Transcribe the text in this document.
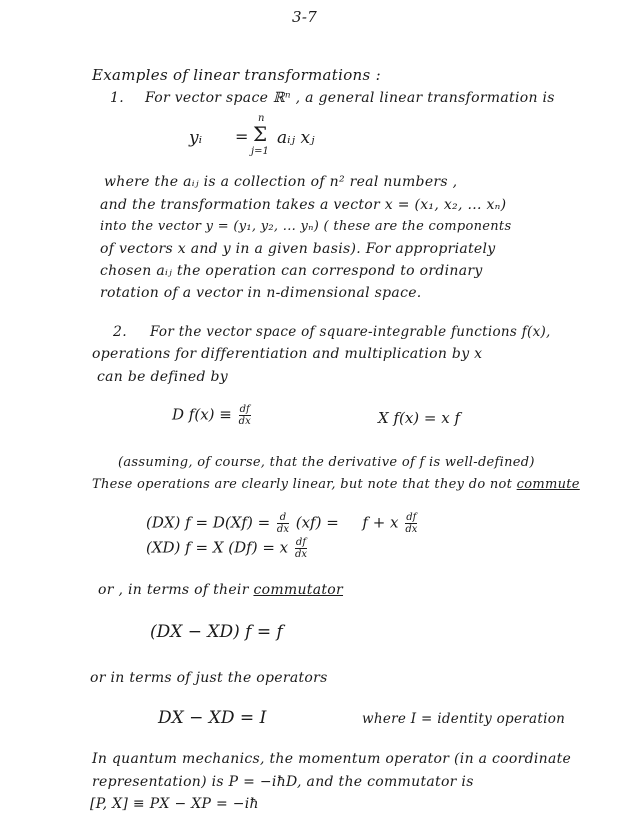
3-7
Examples of linear transformations :
1. For vector space ℝⁿ , a general linear transformation is
yᵢ =
n
Σ
j=1
aᵢⱼ xⱼ
where the aᵢⱼ is a collection of n² real numbers ,
and the transformation takes a vector x = (x₁, x₂, ... xₙ)
into the vector y = (y₁, y₂, ... yₙ) ( these are the components
of vectors x and y in a given basis). For appropriately
chosen aᵢⱼ the operation can correspond to ordinary
rotation of a vector in n-dimensional space.
2. For the vector space of square-integrable functions f(x),
operations for differentiation and multiplication by x
can be defined by
D $f(x) \equiv \frac{df}{dx}$	X f(x) = x f
(assuming, of course, that the derivative of f is well-defined)
These operations are clearly linear, but note that they do not commute
(DX) $f = D(Xf) = \frac{d}{dx} (xf) = f + x \frac{df}{dx}$
(XD) f = X (Df) = x $\frac{df}{dx}$
or , in terms of their commutator
(DX − XD) f = f
or in terms of just the operators
DX − XD = I	where I = identity operation
In quantum mechanics, the momentum operator (in a coordinate
representation) is P = −iħD, and the commutator is
[P, X] ≡ PX − XP = −iħ
